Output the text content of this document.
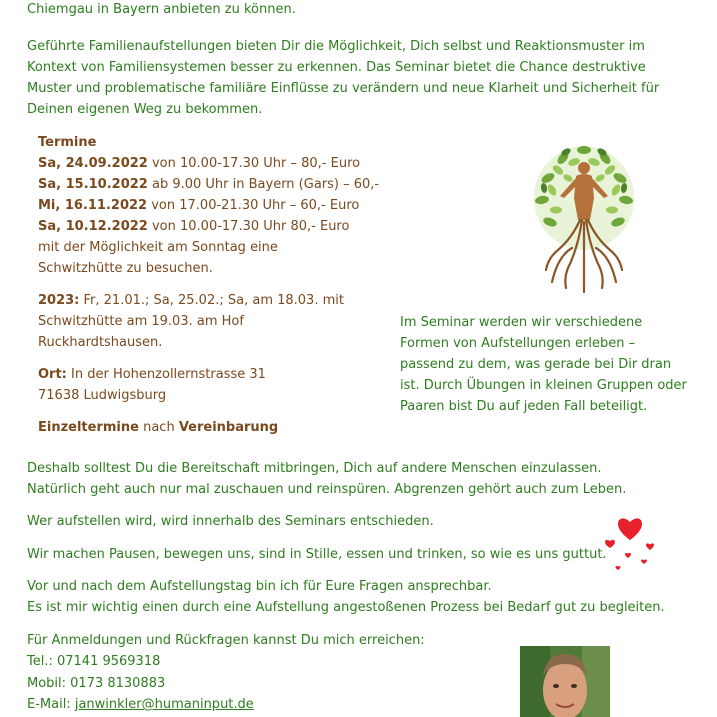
Chiemgau in Bayern anbieten zu können.

Geführte Familienaufstellungen bieten Dir die Möglichkeit, Dich selbst und Reaktionsmuster im Kontext von Familiensystemen besser zu erkennen. Das Seminar bietet die Chance destruktive Muster und problematische familiäre Einflüsse zu verändern und neue Klarheit und Sicherheit für Deinen eigenen Weg zu bekommen.

Termine
Sa, 24.09.2022 von 10.00-17.30 Uhr – 80,- Euro
Sa, 15.10.2022 ab 9.00 Uhr in Bayern (Gars) – 60,-
Mi, 16.11.2022 von 17.00-21.30 Uhr – 60,- Euro
Sa, 10.12.2022 von 10.00-17.30 Uhr 80,- Euro
mit der Möglichkeit am Sonntag eine
Schwitzhütte zu besuchen.
2023: Fr, 21.01.; Sa, 25.02.; Sa, am 18.03. mit
Schwitzhütte am 19.03. am Hof
Ruckhardtshausen.
Ort: In der Hohenzollernstrasse 31
71638 Ludwigsburg
Einzeltermine nach Vereinbarung

Im Seminar werden wir verschiedene Formen von Aufstellungen erleben – passend zu dem, was gerade bei Dir dran ist. Durch Übungen in kleinen Gruppen oder Paaren bist Du auf jeden Fall beteiligt.

Deshalb solltest Du die Bereitschaft mitbringen, Dich auf andere Menschen einzulassen.
Natürlich geht auch nur mal zuschauen und reinspüren. Abgrenzen gehört auch zum Leben.
Wer aufstellen wird, wird innerhalb des Seminars entschieden.
Wir machen Pausen, bewegen uns, sind in Stille, essen und trinken, so wie es uns guttut.
Vor und nach dem Aufstellungstag bin ich für Eure Fragen ansprechbar.
Es ist mir wichtig einen durch eine Aufstellung angestoßenen Prozess bei Bedarf gut zu begleiten.
Für Anmeldungen und Rückfragen kannst Du mich erreichen:
Tel.: 07141 9569318
Mobil: 0173 8130883
E-Mail: janwinkler@humaninput.de
